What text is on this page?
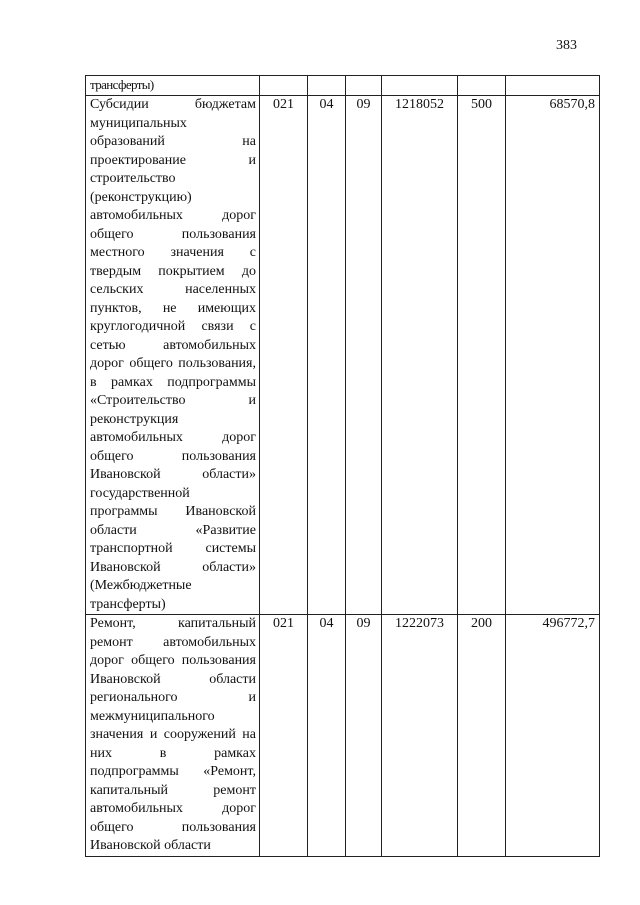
383
трансферты)						
Субсидии бюджетам муниципальных образований на проектирование и строительство (реконструкцию) автомобильных дорог общего пользования местного значения с твердым покрытием до сельских населенных пунктов, не имеющих круглогодичной связи с сетью автомобильных дорог общего пользования, в рамках подпрограммы «Строительство и реконструкция автомобильных дорог общего пользования Ивановской области» государственной программы Ивановской области «Развитие транспортной системы Ивановской области» (Межбюджетные трансферты)	021	04	09	1218052	500	68570,8
Ремонт, капитальный ремонт автомобильных дорог общего пользования Ивановской области регионального и межмуниципального значения и сооружений на них в рамках подпрограммы «Ремонт, капитальный ремонт автомобильных дорог общего пользования Ивановской области	021	04	09	1222073	200	496772,7
